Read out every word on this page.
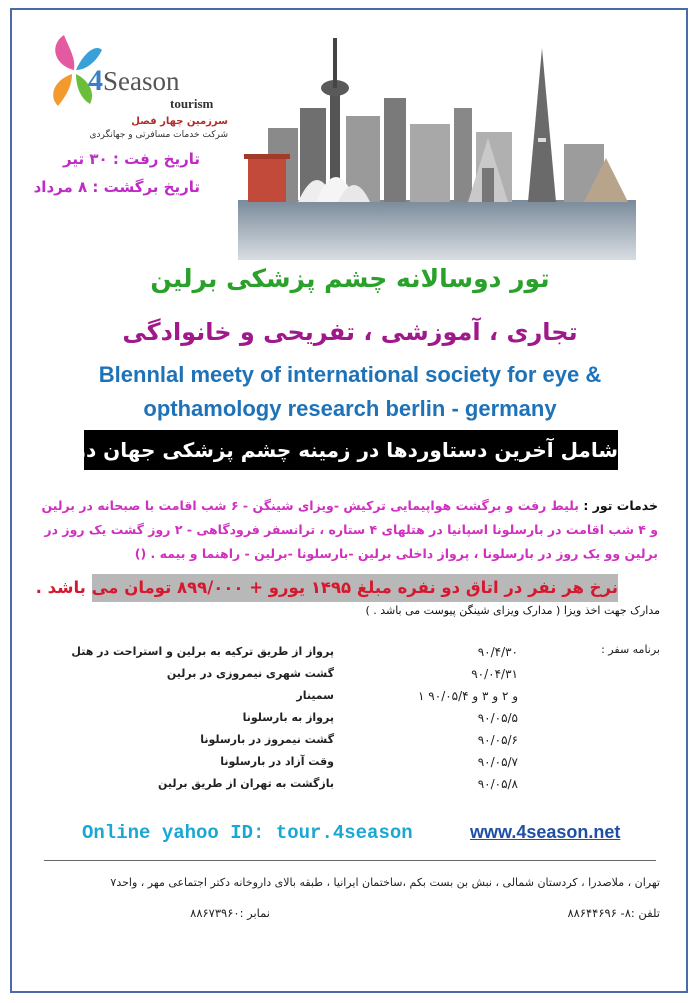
4Season
tourism
سرزمین چهار فصل
شرکت خدمات مسافرتی و جهانگردی
تاریخ رفت : ۳۰ تیر
تاریخ برگشت : ۸ مرداد
تور دوسالانه چشم پزشکی برلین
تجاری ، آموزشی ، تفریحی و خانوادگی
Blennlal meety of international society for eye &
opthamology research berlin - germany
شامل آخرین دستاوردها در زمینه چشم پزشکی جهان در برلین
خدمات تور : بلیط رفت و برگشت هواپیمایی ترکیش -ویزای شینگن - ۶ شب اقامت با صبحانه در برلین و ۴ شب اقامت در بارسلونا اسپانیا در هتلهای ۴ ستاره ، ترانسفر فرودگاهی - ۲ روز گشت یک روز در برلین وو یک روز در بارسلونا ، پرواز داخلی برلین -بارسلونا -برلین - راهنما و بیمه . ()
نرخ هر نفر در اتاق دو نفره مبلغ ۱۴۹۵ یورو + ۸۹۹/۰۰۰ تومان می باشد .
مدارک جهت اخذ ویزا ( مدارک ویزای شینگن پیوست می باشد . )
برنامه سفر :
۹۰/۴/۳۰
پرواز از طریق ترکیه به برلین و استراحت در هتل
۹۰/۰۴/۳۱
گشت شهری نیمروزی در برلین
۱ و ۲ و ۳ و ۹۰/۰۵/۴
سمینار
۹۰/۰۵/۵
پرواز به بارسلونا
۹۰/۰۵/۶
گشت نیمروز در بارسلونا
۹۰/۰۵/۷
وقت آزاد در بارسلونا
۹۰/۰۵/۸
بازگشت به تهران از طریق برلین
Online yahoo ID: tour.4season	www.4season.net
تهران ، ملاصدرا ، کردستان شمالی ، نبش بن بست بکم ،ساختمان ایرانیا ، طبقه بالای داروخانه دکتر اجتماعی مهر ، واحد۷
تلفن :۸- ۸۸۶۴۴۶۹۶
نمابر :۸۸۶۷۳۹۶۰
